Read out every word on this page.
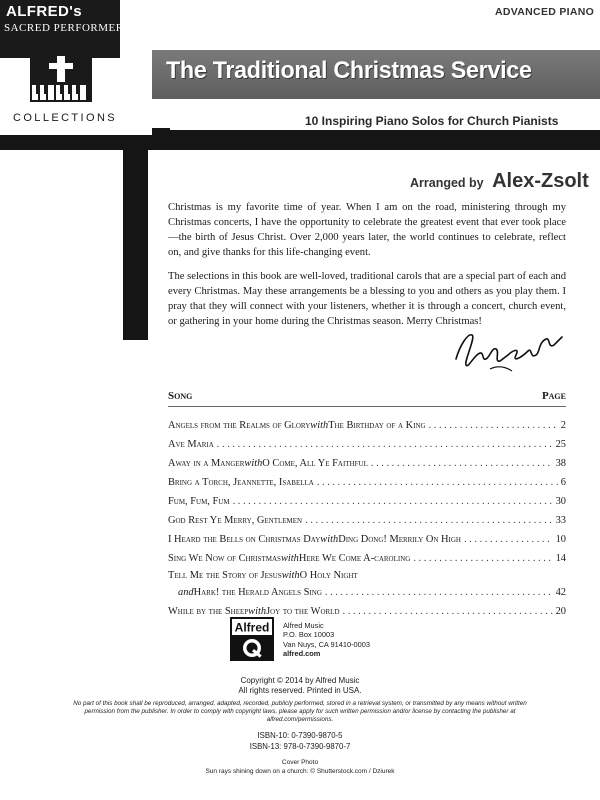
ADVANCED PIANO
The Traditional Christmas Service
10 Inspiring Piano Solos for Church Pianists
ALFRED's
SACRED PERFORMER
COLLECTIONS
Arranged by Alex-Zsolt

Christmas is my favorite time of year. When I am on the road, ministering through my Christmas concerts, I have the opportunity to celebrate the greatest event that ever took place—the birth of Jesus Christ. Over 2,000 years later, the world continues to celebrate, reflect on, and give thanks for this life-changing event.

The selections in this book are well-loved, traditional carols that are a special part of each and every Christmas. May these arrangements be a blessing to you and others as you play them. I pray that they will connect with your listeners, whether it is through a concert, church event, or gathering in your home during the Christmas season. Merry Christmas!

Song	Page
Angels from the Realms of Glory with The Birthday of a King . . .	2
Ave Maria . . .	25
Away in a Manger with O Come, All Ye Faithful . . .	38
Bring a Torch, Jeannette, Isabella . . .	6
Fum, Fum, Fum . . .	30
God Rest Ye Merry, Gentlemen . . .	33
I Heard the Bells on Christmas Day with Ding Dong! Merrily On High . . .	10
Sing We Now of Christmas with Here We Come A-caroling . . .	14
Tell Me the Story of Jesus with O Holy Night
and Hark! the Herald Angels Sing . . .	42
While by the Sheep with Joy to the World . . .	20
Alfred Alfred Music
P.O. Box 10003
Van Nuys, CA 91410-0003
alfred.com
Copyright © 2014 by Alfred Music
All rights reserved. Printed in USA.
No part of this book shall be reproduced, arranged, adapted, recorded, publicly performed, stored in a retrieval system, or transmitted by any means without written permission from the publisher. In order to comply with copyright laws, please apply for such written permission and/or license by contacting the publisher at alfred.com/permissions.
ISBN-10: 0-7390-9870-5
ISBN-13: 978-0-7390-9870-7
Cover Photo
Sun rays shining down on a church: © Shutterstock.com / Dziurek
